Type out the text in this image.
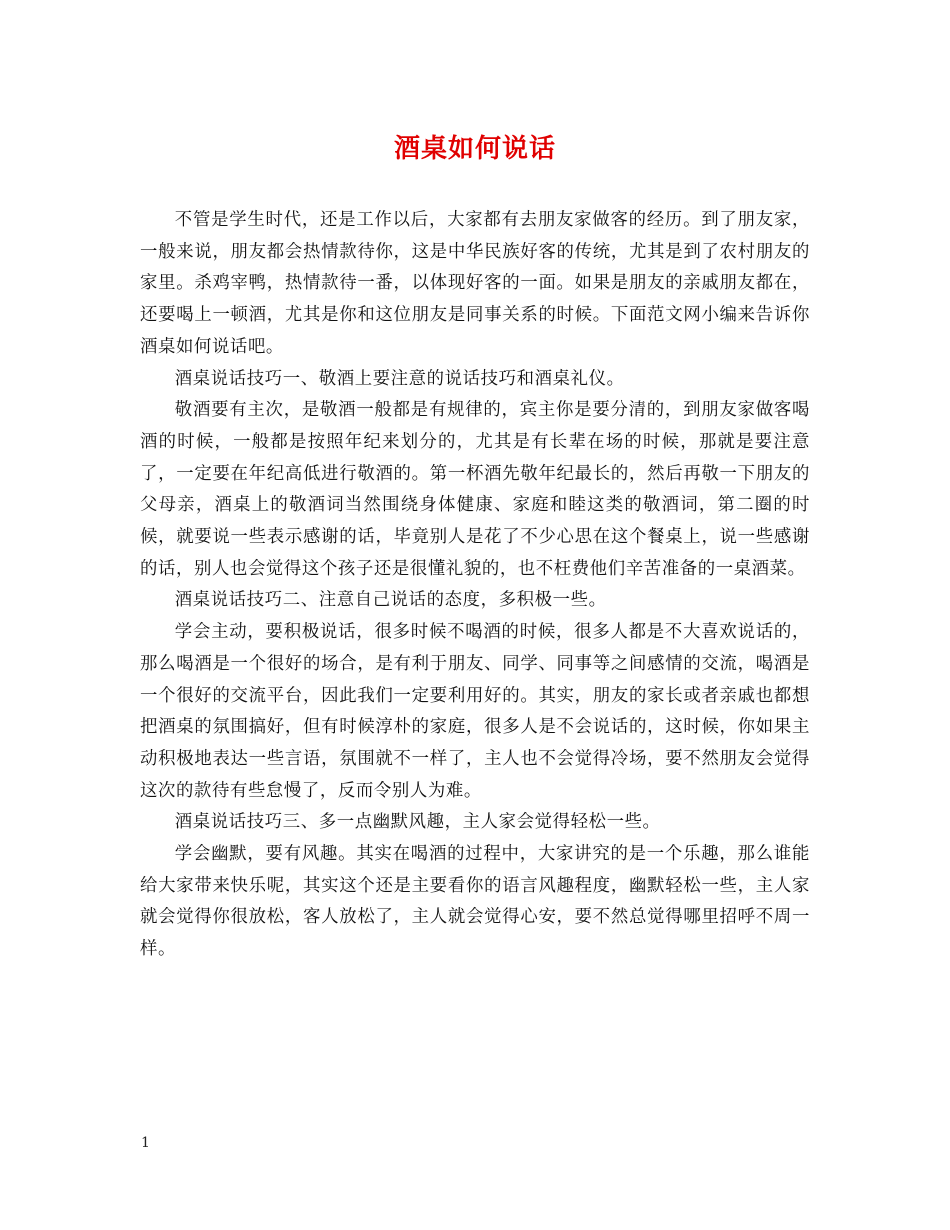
酒桌如何说话

不管是学生时代，还是工作以后，大家都有去朋友家做客的经历。到了朋友家，一般来说，朋友都会热情款待你，这是中华民族好客的传统，尤其是到了农村朋友的家里。杀鸡宰鸭，热情款待一番，以体现好客的一面。如果是朋友的亲戚朋友都在，还要喝上一顿酒，尤其是你和这位朋友是同事关系的时候。下面范文网小编来告诉你酒桌如何说话吧。

酒桌说话技巧一、敬酒上要注意的说话技巧和酒桌礼仪。

敬酒要有主次，是敬酒一般都是有规律的，宾主你是要分清的，到朋友家做客喝酒的时候，一般都是按照年纪来划分的，尤其是有长辈在场的时候，那就是要注意了，一定要在年纪高低进行敬酒的。第一杯酒先敬年纪最长的，然后再敬一下朋友的父母亲，酒桌上的敬酒词当然围绕身体健康、家庭和睦这类的敬酒词，第二圈的时候，就要说一些表示感谢的话，毕竟别人是花了不少心思在这个餐桌上，说一些感谢的话，别人也会觉得这个孩子还是很懂礼貌的，也不枉费他们辛苦准备的一桌酒菜。

酒桌说话技巧二、注意自己说话的态度，多积极一些。

学会主动，要积极说话，很多时候不喝酒的时候，很多人都是不大喜欢说话的，那么喝酒是一个很好的场合，是有利于朋友、同学、同事等之间感情的交流，喝酒是一个很好的交流平台，因此我们一定要利用好的。其实，朋友的家长或者亲戚也都想把酒桌的氛围搞好，但有时候淳朴的家庭，很多人是不会说话的，这时候，你如果主动积极地表达一些言语，氛围就不一样了，主人也不会觉得冷场，要不然朋友会觉得这次的款待有些怠慢了，反而令别人为难。

酒桌说话技巧三、多一点幽默风趣，主人家会觉得轻松一些。

学会幽默，要有风趣。其实在喝酒的过程中，大家讲究的是一个乐趣，那么谁能给大家带来快乐呢，其实这个还是主要看你的语言风趣程度，幽默轻松一些，主人家就会觉得你很放松，客人放松了，主人就会觉得心安，要不然总觉得哪里招呼不周一样。

1
